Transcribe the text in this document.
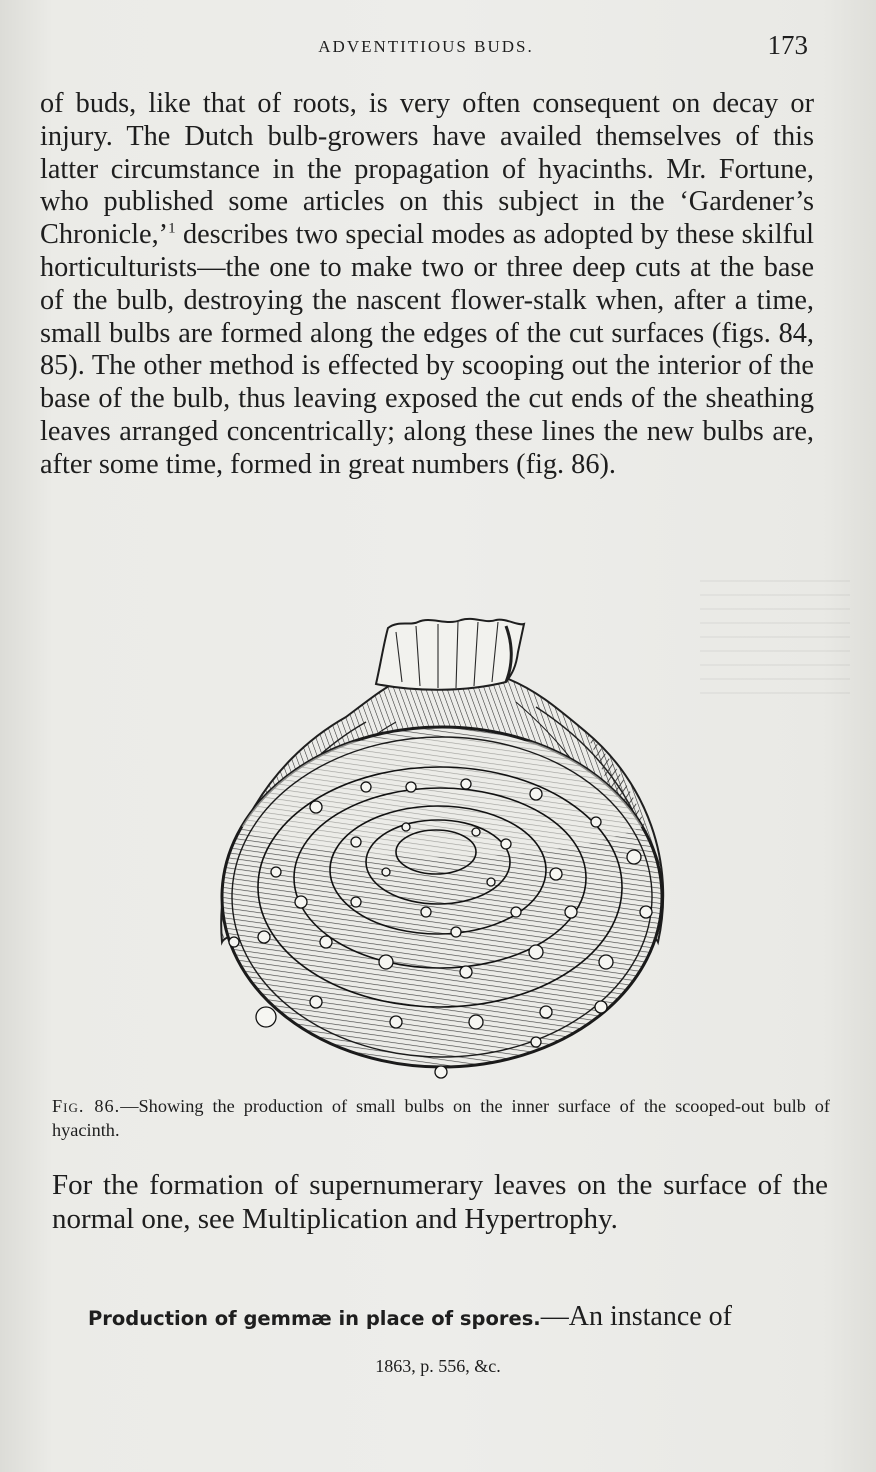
ADVENTITIOUS BUDS.	173

of buds, like that of roots, is very often consequent on decay or injury. The Dutch bulb-growers have availed themselves of this latter circumstance in the propagation of hyacinths. Mr. Fortune, who published some articles on this subject in the ‘Gardener’s Chronicle,’$^1$ describes two special modes as adopted by these skilful horticulturists—the one to make two or three deep cuts at the base of the bulb, destroying the nascent flower-stalk when, after a time, small bulbs are formed along the edges of the cut surfaces (figs. 84, 85). The other method is effected by scooping out the interior of the base of the bulb, thus leaving exposed the cut ends of the sheathing leaves arranged concentrically; along these lines the new bulbs are, after some time, formed in great numbers (fig. 86).

Fig. 86.—Showing the production of small bulbs on the inner surface of the scooped-out bulb of hyacinth.

For the formation of supernumerary leaves on the surface of the normal one, see Multiplication and Hypertrophy.

Production of gemmæ in place of spores.—An instance of

1863, p. 556, &c.
